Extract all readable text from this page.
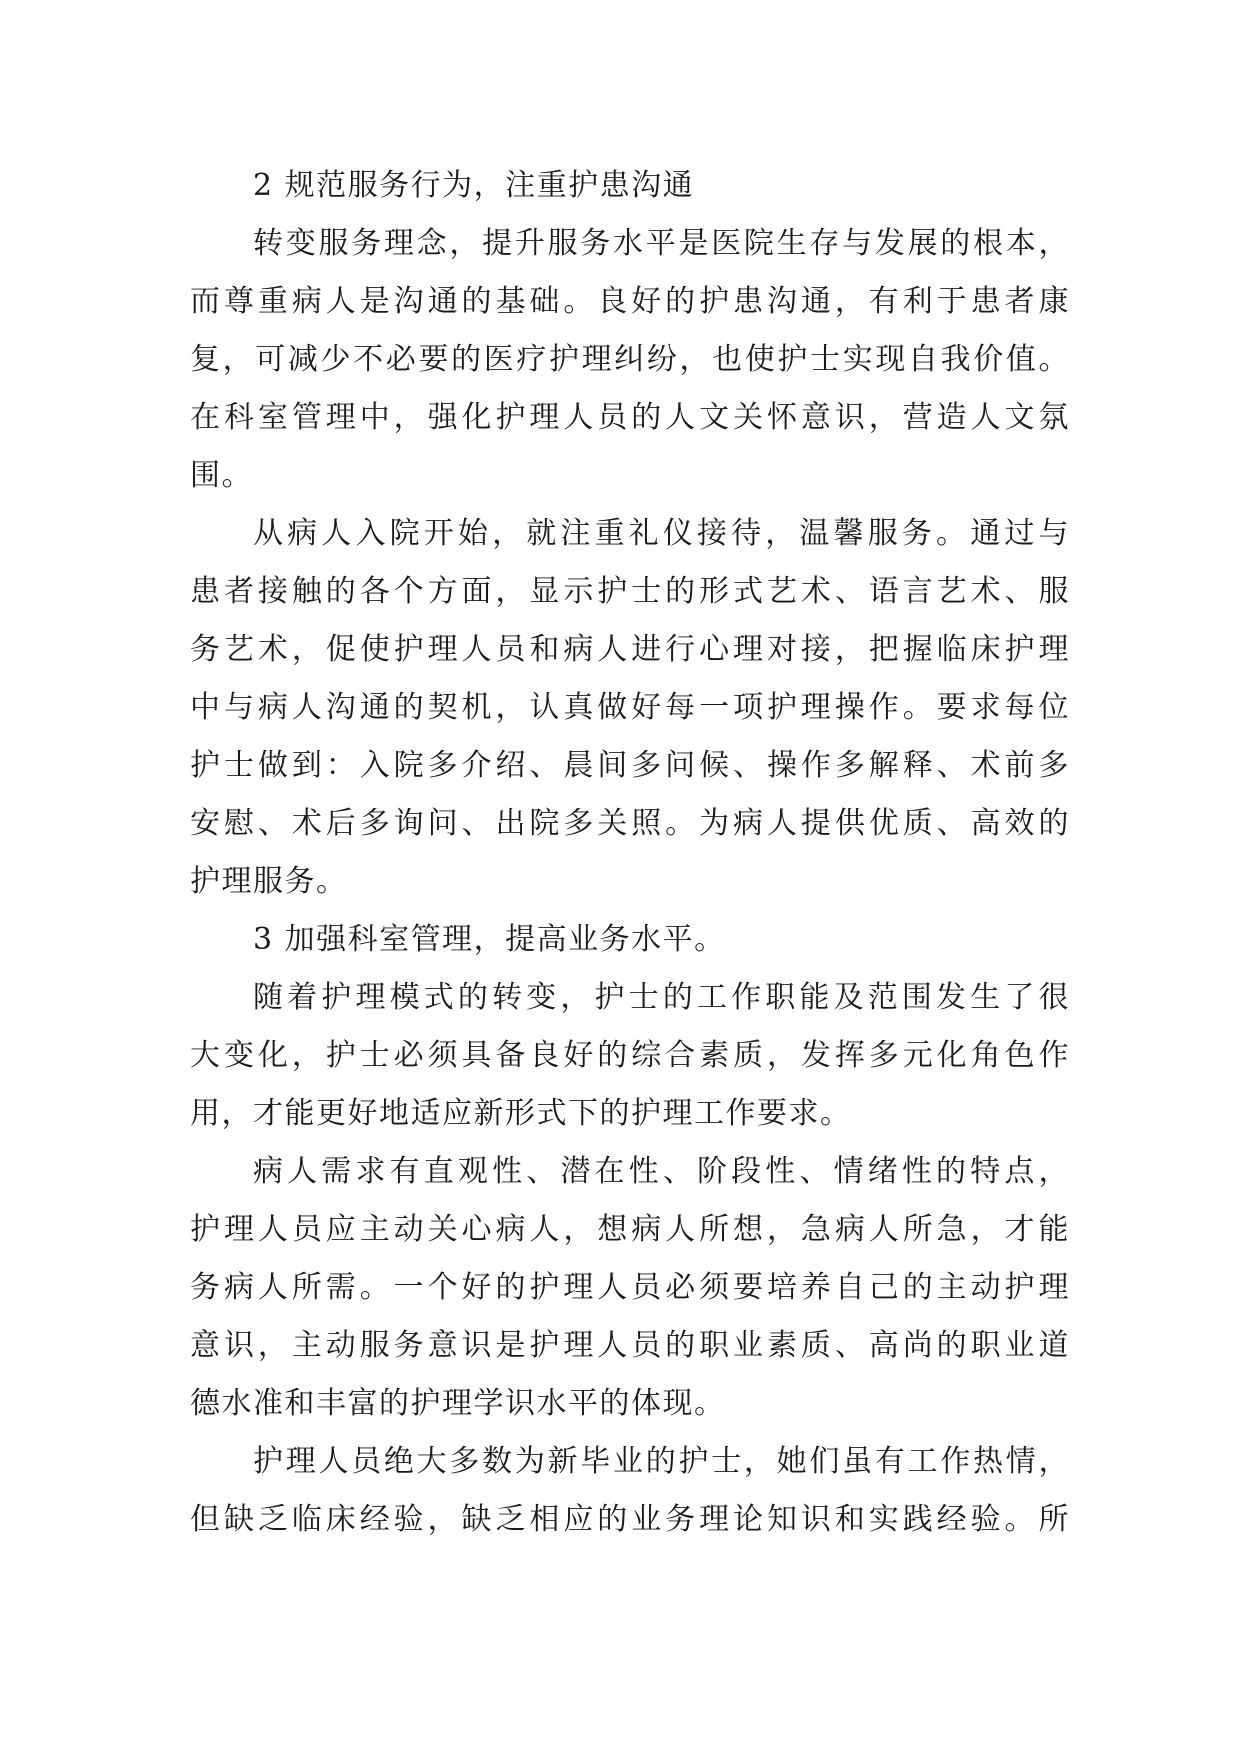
2 规范服务行为，注重护患沟通
转变服务理念，提升服务水平是医院生存与发展的根本，
而尊重病人是沟通的基础。良好的护患沟通，有利于患者康
复，可减少不必要的医疗护理纠纷，也使护士实现自我价值。
在科室管理中，强化护理人员的人文关怀意识，营造人文氛
围。
从病人入院开始，就注重礼仪接待，温馨服务。通过与
患者接触的各个方面，显示护士的形式艺术、语言艺术、服
务艺术，促使护理人员和病人进行心理对接，把握临床护理
中与病人沟通的契机，认真做好每一项护理操作。要求每位
护士做到：入院多介绍、晨间多问候、操作多解释、术前多
安慰、术后多询问、出院多关照。为病人提供优质、高效的
护理服务。
3 加强科室管理，提高业务水平。
随着护理模式的转变，护士的工作职能及范围发生了很
大变化，护士必须具备良好的综合素质，发挥多元化角色作
用，才能更好地适应新形式下的护理工作要求。
病人需求有直观性、潜在性、阶段性、情绪性的特点，
护理人员应主动关心病人，想病人所想，急病人所急，才能
务病人所需。一个好的护理人员必须要培养自己的主动护理
意识，主动服务意识是护理人员的职业素质、高尚的职业道
德水准和丰富的护理学识水平的体现。
护理人员绝大多数为新毕业的护士，她们虽有工作热情，
但缺乏临床经验，缺乏相应的业务理论知识和实践经验。所
